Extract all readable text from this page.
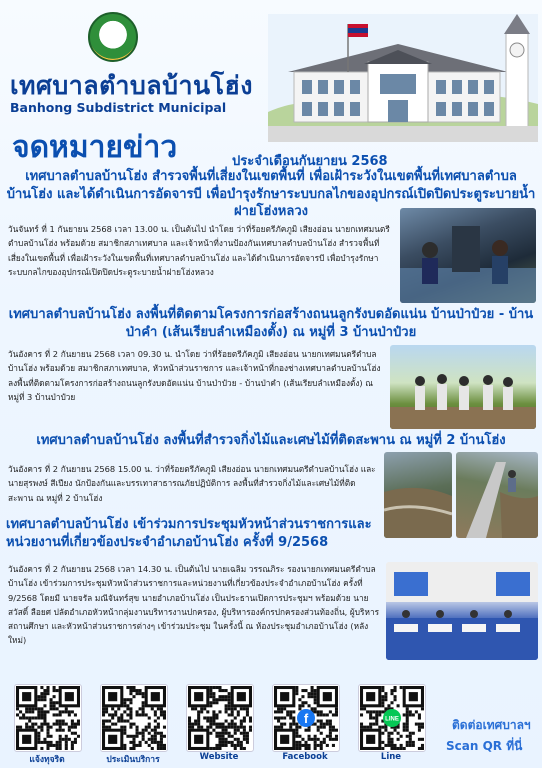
เทศบาลตำบลบ้านโฮ่ง
Banhong Subdistrict Municipal
จดหมายข่าว	ประจำเดือนกันยายน 2568
เทศบาลตำบลบ้านโฮ่ง สำรวจพื้นที่เสี่ยงในเขตพื้นที่ เพื่อเฝ้าระวังในเขตพื้นที่เทศบาลตำบลบ้านโฮ่ง และได้ดำเนินการอัดจารบี เพื่อบำรุงรักษาระบบกลไกของอุปกรณ์เปิดปิดประตูระบายน้ำฝายโฮ่งหลวง
วันจันทร์ ที่ 1 กันยายน 2568 เวลา 13.00 น. เป็นต้นไป นำโดย ว่าที่ร้อยตรีภัคภูมิ เสียงอ่อน นายกเทศมนตรีตำบลบ้านโฮ่ง พร้อมด้วย สมาชิกสภาเทศบาล และเจ้าหน้าที่งานป้องกันเทศบาลตำบลบ้านโฮ่ง สำรวจพื้นที่เสี่ยงในเขตพื้นที่ เพื่อเฝ้าระวังในเขตพื้นที่เทศบาลตำบลบ้านโฮ่ง และได้ดำเนินการอัดจารบี เพื่อบำรุงรักษาระบบกลไกของอุปกรณ์เปิดปิดประตูระบายน้ำฝายโฮ่งหลวง
เทศบาลตำบลบ้านโฮ่ง ลงพื้นที่ติดตามโครงการก่อสร้างถนนลูกรังบดอัดแน่น บ้านป่าป๋วย - บ้านป่าคำ (เส้นเรียบลำเหมืองตั้ง) ณ หมู่ที่ 3 บ้านป่าป๋วย
วันอังคาร ที่ 2 กันยายน 2568 เวลา 09.30 น. นำโดย ว่าที่ร้อยตรีภัคภูมิ เสียงอ่อน นายกเทศมนตรีตำบลบ้านโฮ่ง พร้อมด้วย สมาชิกสภาเทศบาล, หัวหน้าส่วนราชการ และเจ้าหน้าที่กองช่างเทศบาลตำบลบ้านโฮ่ง ลงพื้นที่ติดตามโครงการก่อสร้างถนนลูกรังบดอัดแน่น บ้านป่าป๋วย - บ้านป่าคำ (เส้นเรียบลำเหมืองตั้ง) ณ หมู่ที่ 3 บ้านป่าป๋วย
เทศบาลตำบลบ้านโฮ่ง ลงพื้นที่สำรวจกิ่งไม้และเศษไม้ที่ติดสะพาน ณ หมู่ที่ 2 บ้านโฮ่ง
วันอังคาร ที่ 2 กันยายน 2568 15.00 น. ว่าที่ร้อยตรีภัคภูมิ เสียงอ่อน นายกเทศมนตรีตำบลบ้านโฮ่ง และนายสุรพงษ์ สีเปียง นักป้องกันและบรรเทาสาธารณภัยปฏิบัติการ ลงพื้นที่สำรวจกิ่งไม้และเศษไม้ที่ติดสะพาน ณ หมู่ที่ 2 บ้านโฮ่ง
เทศบาลตำบลบ้านโฮ่ง เข้าร่วมการประชุมหัวหน้าส่วนราชการและหน่วยงานที่เกี่ยวข้องประจำอำเภอบ้านโฮ่ง ครั้งที่ 9/2568
วันอังคาร ที่ 2 กันยายน 2568 เวลา 14.30 น. เป็นต้นไป นายเฉลิม วรรณภิระ รองนายกเทศมนตรีตำบลบ้านโฮ่ง เข้าร่วมการประชุมหัวหน้าส่วนราชการและหน่วยงานที่เกี่ยวข้องประจำอำเภอบ้านโฮ่ง ครั้งที่ 9/2568 โดยมี นายจรัล มณีจันทร์สุข นายอำเภอบ้านโฮ่ง เป็นประธานเปิดการประชุมฯ พร้อมด้วย นายสวัสดิ์ ลือยศ ปลัดอำเภอหัวหน้ากลุ่มงานบริหารงานปกครอง, ผู้บริหารองค์กรปกครองส่วนท้องถิ่น, ผู้บริหารสถานศึกษา และหัวหน้าส่วนราชการต่างๆ เข้าร่วมประชุม ในครั้งนี้ ณ ห้องประชุมอำเภอบ้านโฮ่ง (หลังใหม่)
แจ้งทุจริต	ประเมินบริการ	Website
f
Facebook
LINE
Line
ติดต่อเทศบาลฯ
Scan QR ที่นี่
